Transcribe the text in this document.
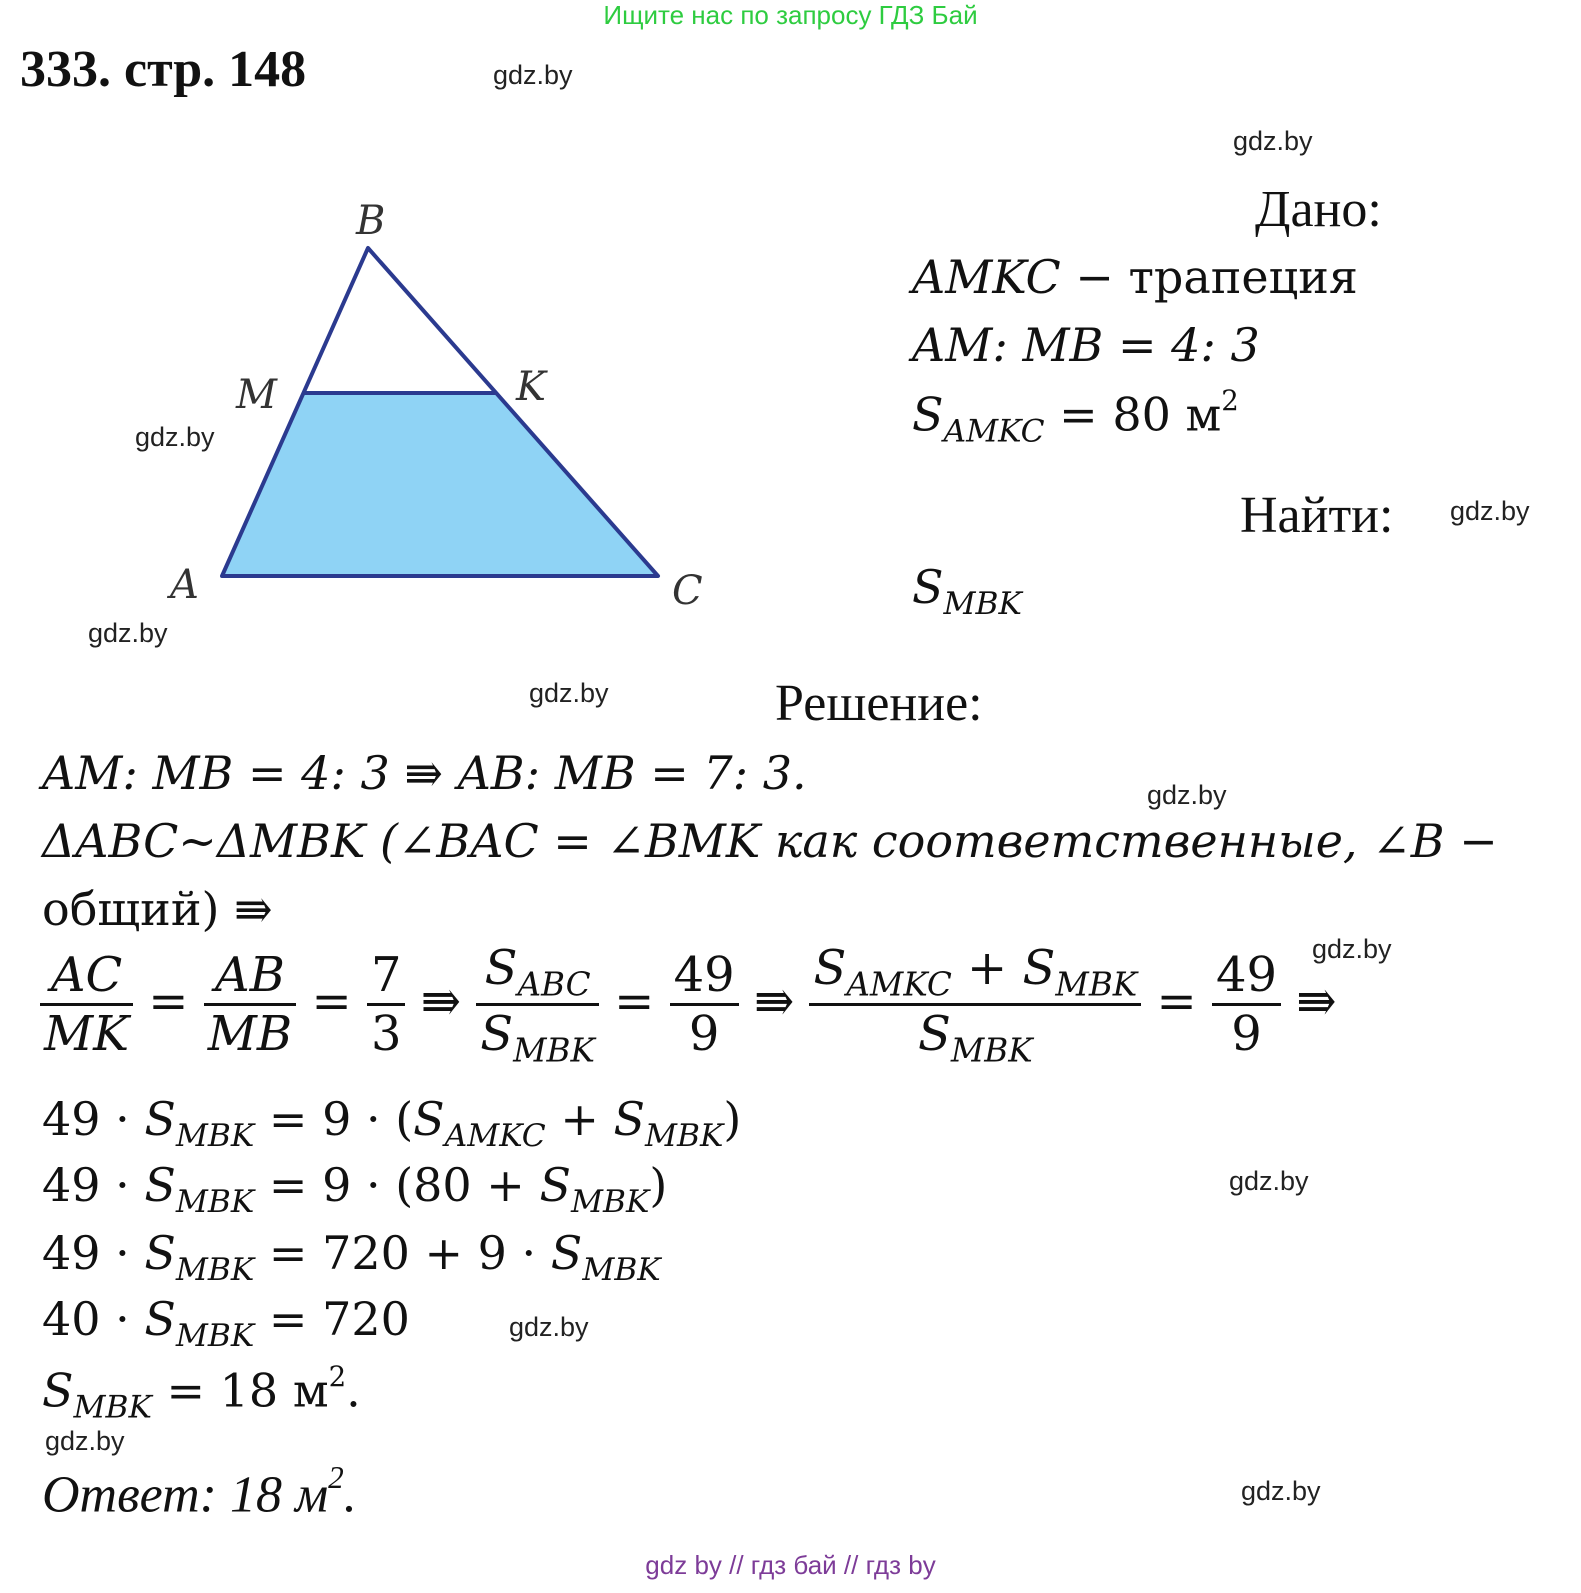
Ищите нас по запросу ГДЗ Бай
333. стр. 148	gdz.by
gdz.by
gdz.by
gdz.by
gdz.by
gdz.by
gdz.by
gdz.by
gdz.by
gdz.by
gdz.by
gdz.by
B
M	K
A	C
Дано:
AMKC − трапеция
AM: MB = 4: 3
$S_{AMKC} = 80$ $м^2$
Найти:
$S_{MBK}$
Решение:
AM: MB = 4: 3 ⇛ AB: MB = 7: 3.
ΔABC~ΔMBK (∠BAC = ∠BMK как соответственные, ∠B −
общий) ⇛
$\frac{AC}{MK} = \frac{AB}{MB} = \frac{7}{3}$ ⇛ $\frac{S_{ABC}}{S_{MBK}} = \frac{49}{9}$ ⇛ $\frac{S_{AMKC} + S_{MBK}}{S_{MBK}} = \frac{49}{9}$ ⇛
$49 \cdot S_{MBK} = 9 \cdot (S_{AMKC} + S_{MBK})$
$49 \cdot S_{MBK} = 9 \cdot (80 + S_{MBK})$
$49 \cdot S_{MBK} = 720 + 9 \cdot S_{MBK}$
$40 \cdot S_{MBK} = 720$
$S_{MBK} = 18$ $м^2$.
Ответ: 18 $м^2$.
gdz by // гдз бай // гдз by
